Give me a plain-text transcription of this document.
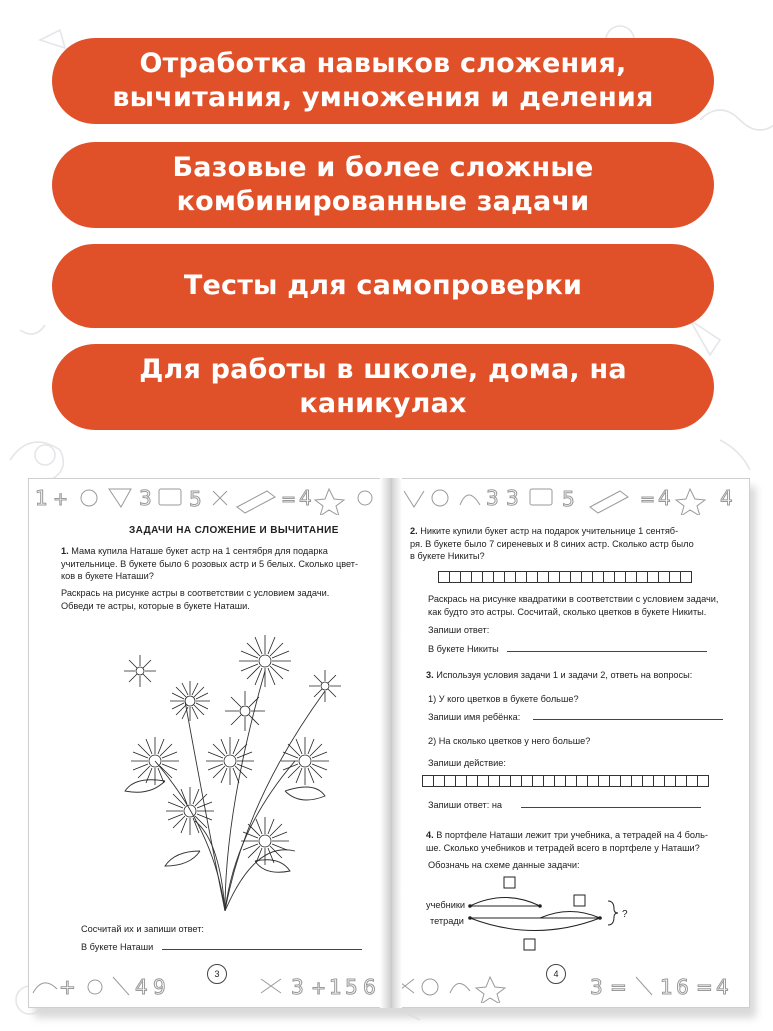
Отработка навыков сложения,
вычитания, умножения и деления
Базовые и более сложные
комбинированные задачи
Тесты для самопроверки
Для работы в школе, дома, на каникулах
1 +	3 5	= 4
ЗАДАЧИ НА СЛОЖЕНИЕ И ВЫЧИТАНИЕ
1. Мама купила Наташе букет астр на 1 сентября для подарка
учительнице. В букете было 6 розовых астр и 5 белых. Сколько цвет-
ков в букете Наташи?
Раскрась на рисунке астры в соответствии с условием задачи.
Обведи те астры, которые в букете Наташи.
Сосчитай их и запиши ответ:
В букете Наташи
+	4 9	3 + 1 5 6
3
3 3 5	= 4 4
2. Никите купили букет астр на подарок учительнице 1 сентяб-
ря. В букете было 7 сиреневых и 8 синих астр. Сколько астр было
в букете Никиты?
Раскрась на рисунке квадратики в соответствии с условием задачи,
как будто это астры. Сосчитай, сколько цветков в букете Никиты.
Запиши ответ:
В букете Никиты
3. Используя условия задачи 1 и задачи 2, ответь на вопросы:
1) У кого цветков в букете больше?
Запиши имя ребёнка:
2) На сколько цветков у него больше?
Запиши действие:
Запиши ответ: на
4. В портфеле Наташи лежит три учебника, а тетрадей на 4 боль-
ше. Сколько учебников и тетрадей всего в портфеле у Наташи?
Обозначь на схеме данные задачи:
учебники
тетради
?
3 = 1 6 = 4
4
